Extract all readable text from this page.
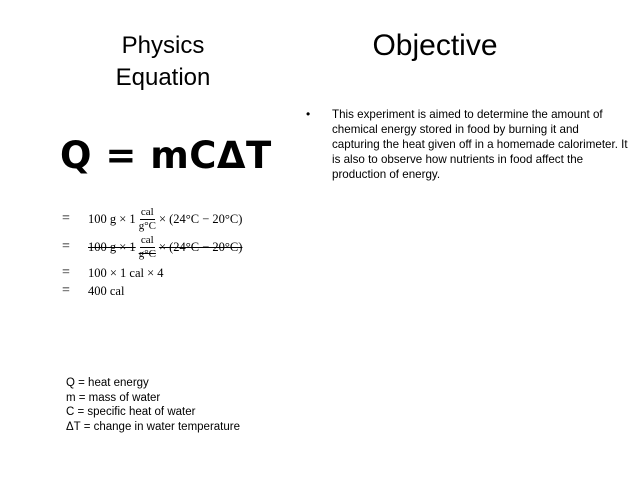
Physics
Equation
Objective
Q = mCΔT
=	100 $g \times 1 \frac{\text{cal}}{g^\circ C} \times (24^\circ C - 20^\circ C)$
=	100 $g \times 1 \frac{\text{cal}}{g^\circ C} \times (24^\circ C - 20^\circ C)$
=	100 × 1 cal × 4
=	400 cal
• This experiment is aimed to determine the amount of chemical energy stored in food by burning it and capturing the heat given off in a homemade calorimeter. It is also to observe how nutrients in food affect the production of energy.
Q = heat energy
m = mass of water
C = specific heat of water
ΔT = change in water temperature
